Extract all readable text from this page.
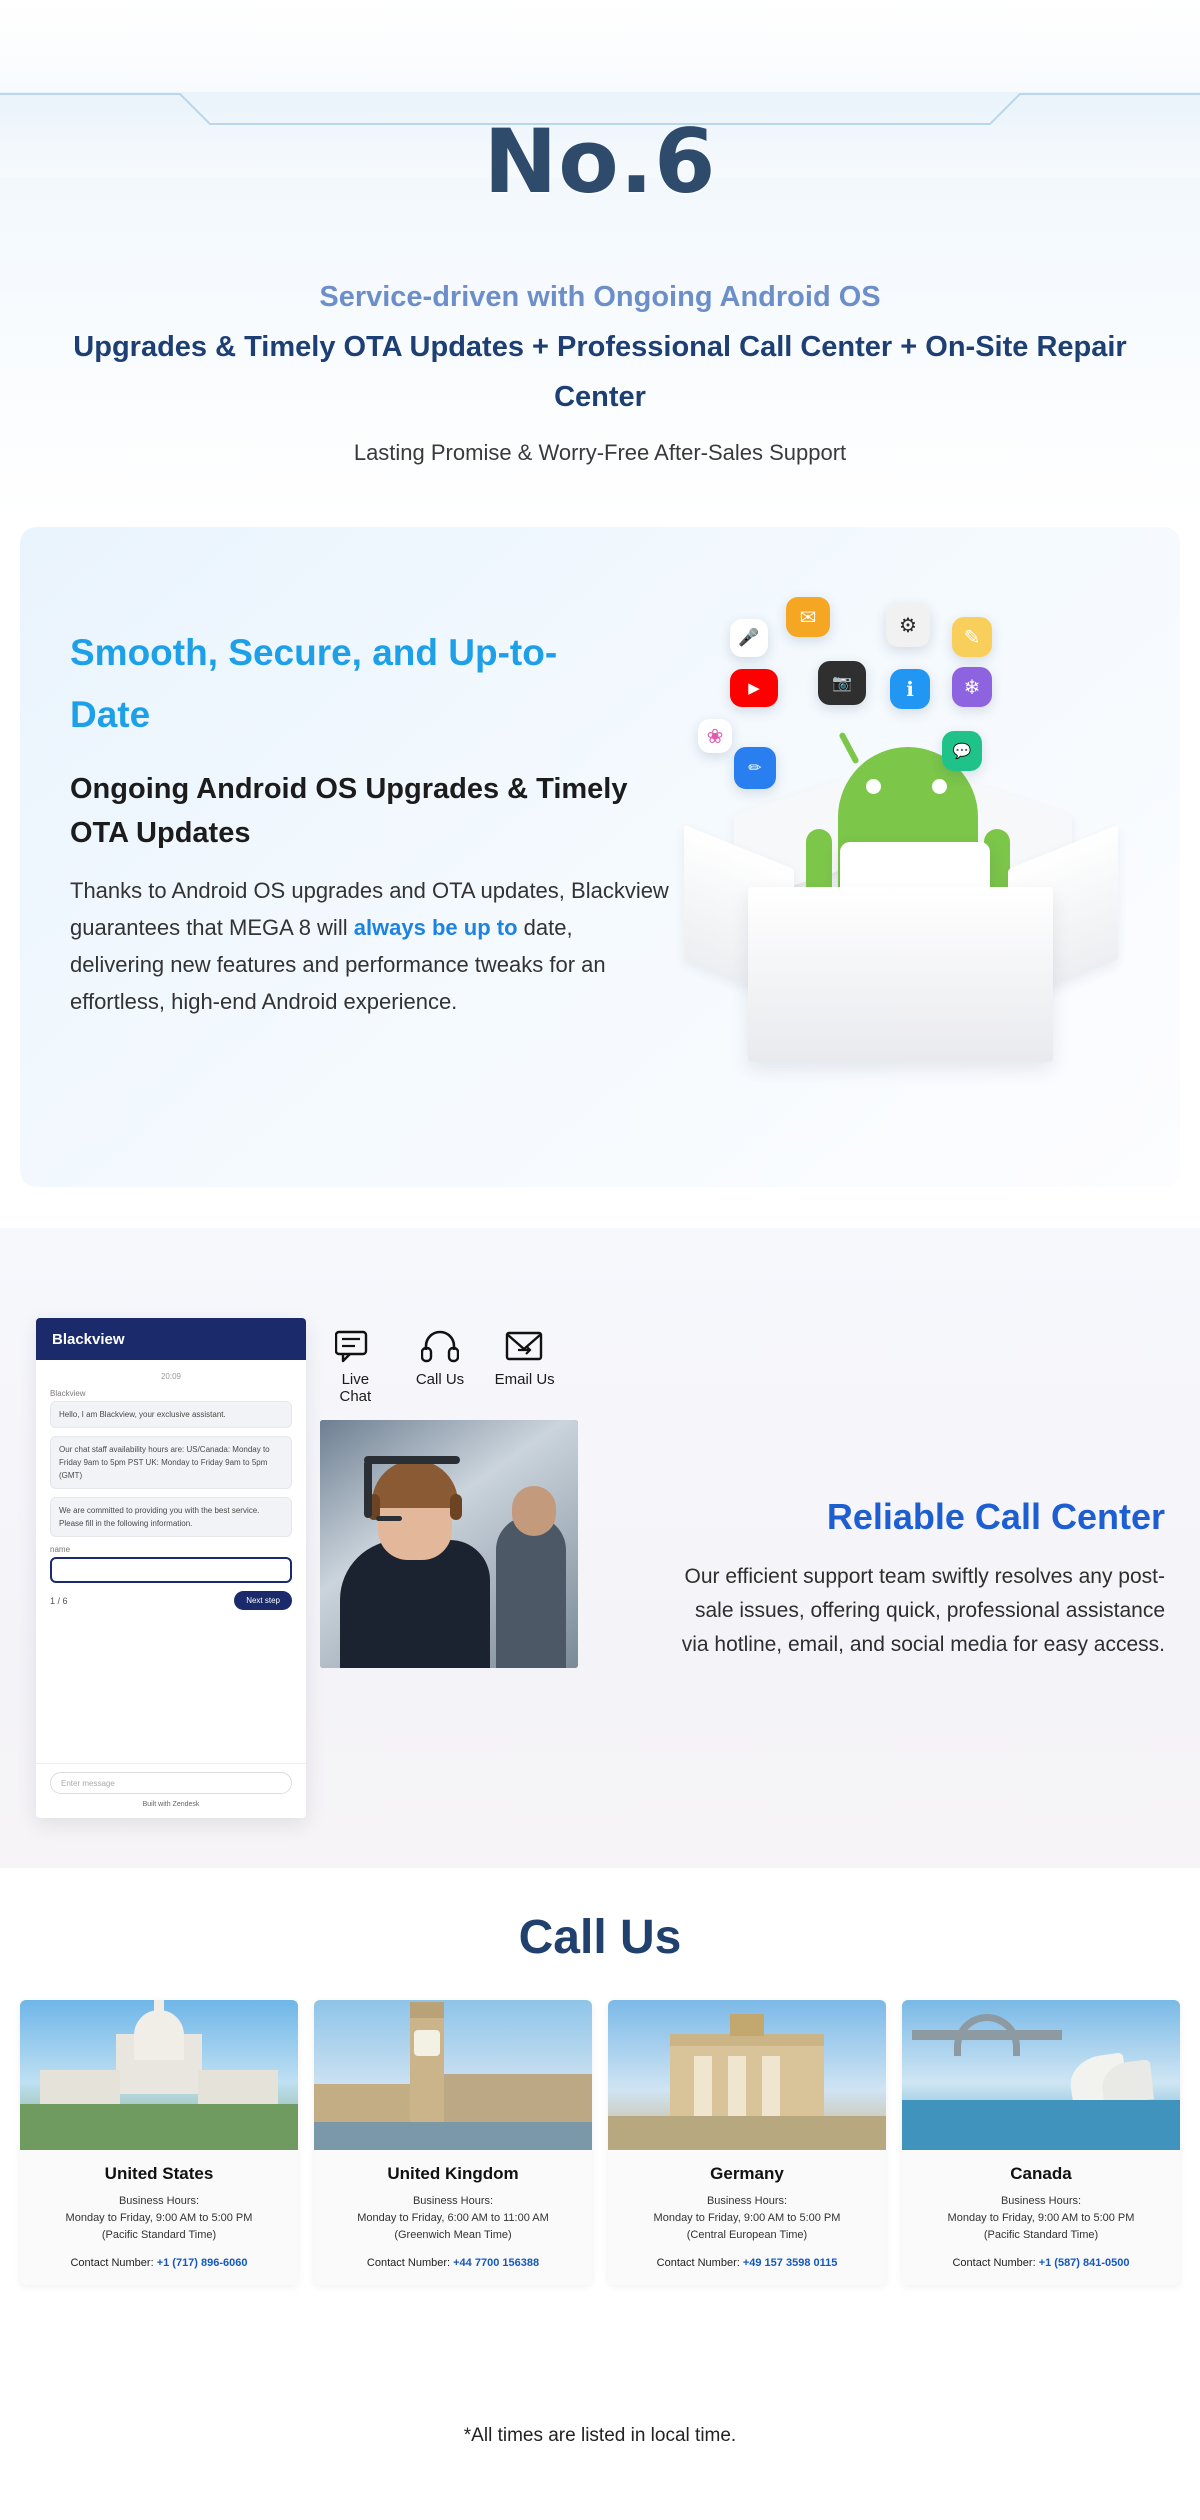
No.6
Service-driven with Ongoing Android OS
Upgrades & Timely OTA Updates + Professional Call Center + On-Site Repair Center
Lasting Promise & Worry-Free After-Sales Support
Smooth, Secure, and Up-to-Date
Ongoing Android OS Upgrades & Timely OTA Updates
Thanks to Android OS upgrades and OTA updates, Blackview guarantees that MEGA 8 will always be up to date, delivering new features and performance tweaks for an effortless, high-end Android experience.
🎤
✉	⚙
✎
▶	📷	ℹ ❄
❀
✏
💬
Blackview
20:09
Blackview
Hello, I am Blackview, your exclusive assistant.
Our chat staff availability hours are: US/Canada: Monday to Friday 9am to 5pm PST UK: Monday to Friday 9am to 5pm (GMT)
We are committed to providing you with the best service. Please fill in the following information.
name
1 / 6	Next step
Enter message
Built with Zendesk
Live Chat
Call Us	Email Us
Reliable Call Center
Our efficient support team swiftly resolves any post-sale issues, offering quick, professional assistance via hotline, email, and social media for easy access.
Call Us
United States
Business Hours:
Monday to Friday, 9:00 AM to 5:00 PM
(Pacific Standard Time)
Contact Number: +1 (717) 896-6060
United Kingdom
Business Hours:
Monday to Friday, 6:00 AM to 11:00 AM
(Greenwich Mean Time)
Contact Number: +44 7700 156388
Germany
Business Hours:
Monday to Friday, 9:00 AM to 5:00 PM
(Central European Time)
Contact Number: +49 157 3598 0115
Canada
Business Hours:
Monday to Friday, 9:00 AM to 5:00 PM
(Pacific Standard Time)
Contact Number: +1 (587) 841-0500
*All times are listed in local time.
